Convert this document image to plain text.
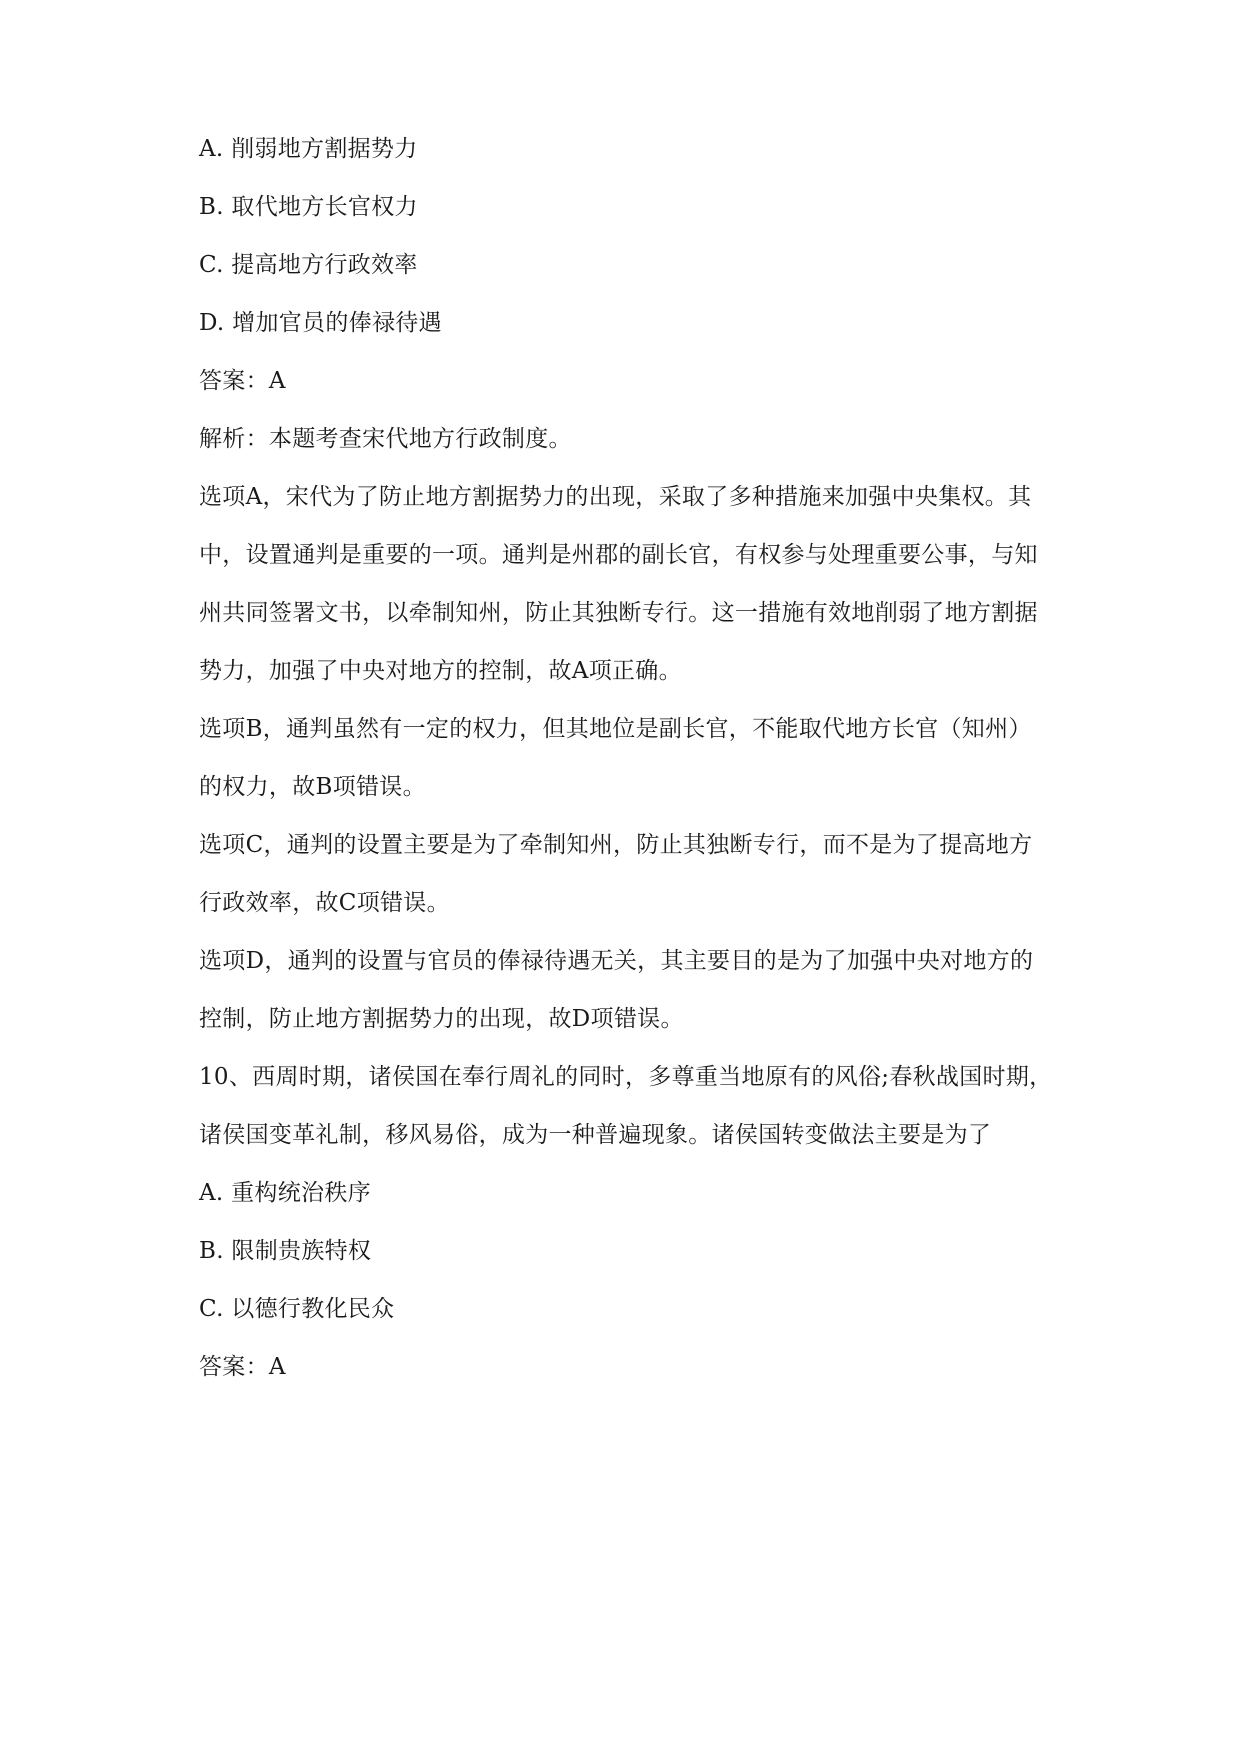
A. 削弱地方割据势力
B. 取代地方长官权力
C. 提高地方行政效率
D. 增加官员的俸禄待遇
答案：A
解析：本题考查宋代地方行政制度。
选项A，宋代为了防止地方割据势力的出现，采取了多种措施来加强中央集权。其
中，设置通判是重要的一项。通判是州郡的副长官，有权参与处理重要公事，与知
州共同签署文书，以牵制知州，防止其独断专行。这一措施有效地削弱了地方割据
势力，加强了中央对地方的控制，故A项正确。
选项B，通判虽然有一定的权力，但其地位是副长官，不能取代地方长官（知州）
的权力，故B项错误。
选项C，通判的设置主要是为了牵制知州，防止其独断专行，而不是为了提高地方
行政效率，故C项错误。
选项D，通判的设置与官员的俸禄待遇无关，其主要目的是为了加强中央对地方的
控制，防止地方割据势力的出现，故D项错误。
10、西周时期，诸侯国在奉行周礼的同时，多尊重当地原有的风俗;春秋战国时期，
诸侯国变革礼制，移风易俗，成为一种普遍现象。诸侯国转变做法主要是为了
A. 重构统治秩序
B. 限制贵族特权
C. 以德行教化民众
答案：A
